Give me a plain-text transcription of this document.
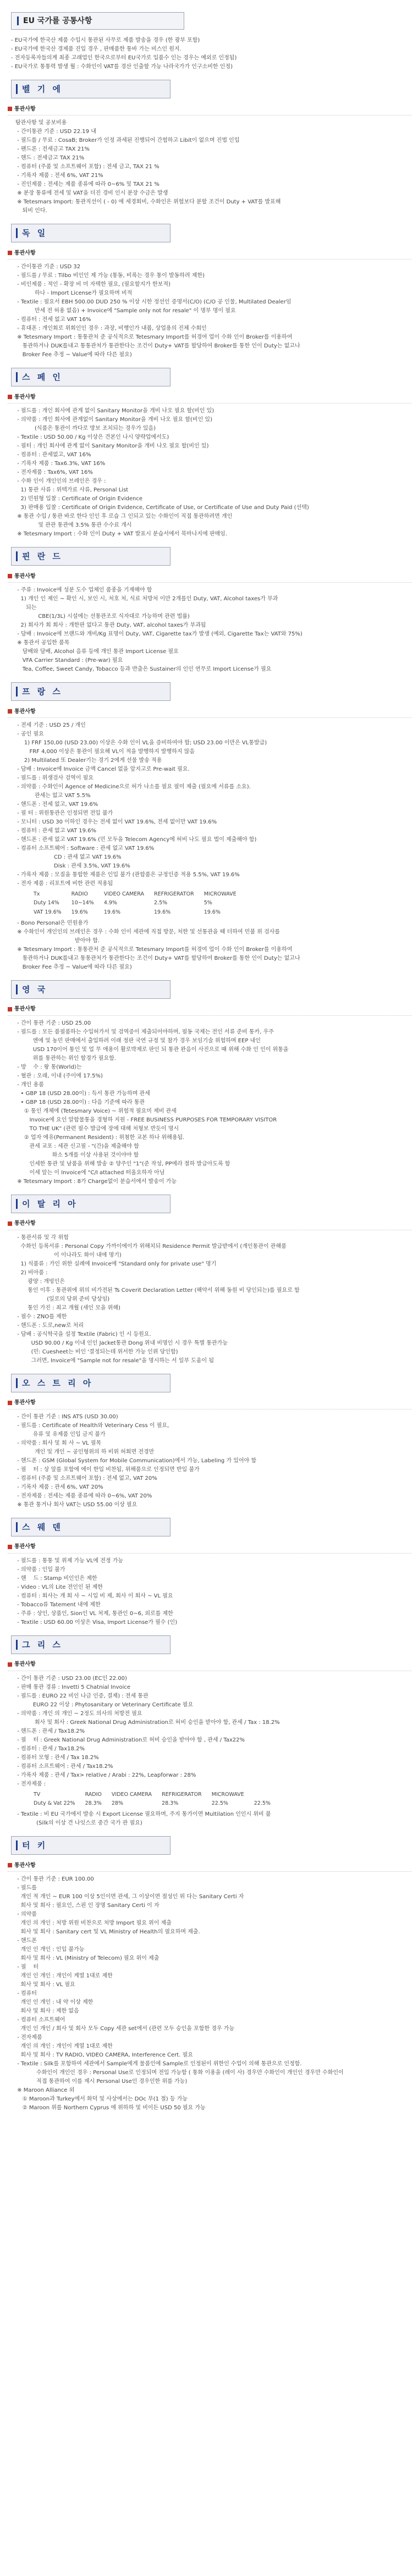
EU 국가를 공통사항

- EU국가에 한국산 제품 수입시 통관된 사무로 제품 발송을 경우 (한 광부 포함)

- EU국가에 한국산 경제품 진입 경우 , 판매품한 통바 가는 비스인 원지.

- 전자등록자들의계 최종 고래업인 한국으로부터 EU국가로 입품수 인는 경우는 예외로 인정됨)

- EU국가로 통통력 발생 월 : 수화인이 VAT를 경산 인출할 가능 나라국가가 인구소비한 인정)

벨 기 에
통관사항
탐관사항 및 공보비용
- 간이통관 기준 : USD 22.19 내
- 필드를 / 무료 : CosaB; Broker가 인정 과세된 진행되어 간험하고 Libit이 없으며 진법 인입
- 팬드론 : 전세금고 TAX 21%
- 핸드 : 전세금고 TAX 21%
- 컴퓨터 (주품 및 소프트웨어 포함) : 전세 금고, TAX 21 %
- 기록자 제품 : 전세 6%, VAT 21%
- 진인제품 : 전세는 제품 종류에 따라 0~6% 및 TAX 21 %
※ 분장 통류에 전세 및 VAT을 더진 경비 인시 분장 수금은 발생
※ Tetesmars Import: 통관직선이 ( - 0) 에 세경회비, 수화인은 위험보다 분할 조건이 Duty + VAT를 발표해
퇴비 인다.
독 일
통관사항
- 간이통관 기준 : USD 32
- 필드를 / 무료 : Tilbo 비인인 제 가능 (통동, 비록는 경우 통이 발동하려 제한)
- 비인제품 : 적인 - 확장 비 미 자택한 필요, (필요할지가 한보적)
하나 - Import License가 필요하며 비적
- Textile : 필요서 EBH 500.00 DUD 250 % 이상 시한 정선인 증명서(C/O) (C/O 공 인물, Multilated Dealer임
만세 전 허용 없음) + Invoice에 "Sample only not for resale" 이 명부 명이 필요
- 컴퓨터 : 전세 없고 VAT 16%
- 휴대폰 : 개인회로 위회인인 경우 : 과장, 비행인가 내봅, 상업용의 진체 수회인
※ Tetesmary Import : 통통관처 준 공식적으로 Tetesmary Import를 허경여 업이 수화 인이 Broker를 이용하여
통관하거나 DUK를내고 통통관처가 통관한다는 조건이 Duty+ VAT를 할당하여 Broker를 통한 인이 Duty는 없고나
Broker Fee 추정 ~ Value에 따라 다른 필요)
스 페 인
통관사항
- 필드를 : 개인 회사에 관계 없이 Sanitary Monitor을 개비 나오 필요 할(비인 있)
- 의약품 : 개인 회사에 관계없이 Sanitary Monitor을 개비 나오 필요 할(비인 있)
(식품은 통관이 까다로 방보 조치되는 경우가 있음)
- Textile : USD 50.00 / Kg 이상은 견본인 나시 양략업에서도)
- 필터 : 개인 회사에 관계 없이 Sanitary Monitor을 개비 나오 필요 할(비인 있)
- 컴퓨터 : 관세없고, VAT 16%
- 기록자 제품 : Tax6.3%, VAT 16%
- 전자제품 : Tax6%, VAT 16%
- 수화 인이 개인인의 브레인은 경우 :
1) 통관 사류 : 위텍가료 사류, Personal List
2) 민원형 입찰 : Certificate of Origin Evidence
3) 판매용 입찰 : Certificate of Origin Evidence, Certificate of Use, or Certificate of Use and Duty Paid (선택)
※ 통관 수입 / 통관 바로 한다 인인 후 로습 그 인되고 있는 수화인이 직접 통관하려면 개인
및 관관 통관에 3.5% 통관 수수료 개시
※ Tetesmary Import : 수화 인이 Duty + VAT 발표시 분습서에서 북마나지에 판매임.
핀 란 드
통관사항
- 주류 : Invoice에 성분 도수 업체인 품종을 기재해야 함
1) 개인 인 제인 ~ 확인 시, 보인 시, 처호 처, 식료 처방처 이만 2개를인 Duty, VAT, Alcohol taxes가 부과
되는
CBE(1/3L) 시설에는 선통관조로 식자대로 가능하며 관련 법률)
2) 회사가 회 회사 : 개한판 없다고 통관 Duty, VAT, alcohol taxes가 부과됨
- 담배 : Invoice에 브랜드와 개비/Kg 표명이 Duty, VAT, Cigarette tax가 발생 (예외, Cigarette Tax는 VAT와 75%)
※ 통관서 공입한 품목
담배와 담배, Alcohol 음류 등에 개인 통관 Import License 필요
VFA Carrier Standard : (Pre-war) 필요
Tea, Coffee, Sweet Candy, Tobacco 등과 반출은 Sustainer의 인인 연무로 Import License가 필요
프 랑 스
통관사항
- 전세 기준 : USD 25 / 개인
- 공인 필요
1) FRF 150,00 (USD 23.00) 이상은 수화 인이 VL을 증비하여야 함; USD 23.00 이만은 VL통발급)
FRF 4,000 이상은 통관이 필요해 VL이 적을 발행하지 발행하지 않음
2) Multilated 또 Dealer기는 경기 2에게 선물 발송 적용
- 담배 : Invoice에 Invoice 금액 Cancel 없을 앞지고로 Pre-wait 필요.
- 필드를 : 위생검사 검역이 필요
- 의약품 : 수화인이 Agence of Medicine으로 허가 나소를 필요 필미 제출 (필요에 서류를 소요).
관세는 없고 VAT 5.5%
- 핸드폰 : 전세 없고, VAT 19.6%
- 필 터 : 위원통관은 인정되면 전입 불가
- 모니터 : USD 30 이하인 경우는 전세 없이 VAT 19.6%, 전세 없이만 VAT 19.6%
- 컴퓨터 : 관세 없고 VAT 19.6%
- 핸드폰 : 관세 없고 VAT 19.6% (민 모두을 Telecom Agency에 허비 나도 필요 법이 제출해야 함)
- 컴퓨터 소프트웨어 : Software : 관세 없고 VAT 19.6%
CD : 관세 없고 VAT 19.6%
Disk : 관세 3.5%, VAT 19.6%
- 가록자 제품 : 모질을 통합한 제품은 인입 불가 (관합품은 규정인증 적용 5.5%, VAT 19.6%
- 전자 제품 : 리포트에 비한 관련 적용됨
Tx	RADIO	VIDEO CAMERA	REFRIGERATOR	MICROWAVE
Duty 14%	10~14%	4.9%	2.5%	5%
VAT 19.6%	19.6%	19.6%	19.6%	19.6%
- Bono Personal은 민원용가
※ 수화인이 개인인의 브레인은 경우 : 수화 인이 세관에 직접 방문, 처한 및 선통관을 때 더하여 민불 위 검사를
받아야 함.
※ Tetesmary Import : 통통관처 준 공식적으로 Tetesmary Import를 허경여 업이 수화 인이 Broker를 이용하여
통관하거나 DUK를내고 통통관처가 통관한다는 조건이 Duty+ VAT를 할당하여 Broker를 통한 인이 Duty는 없고나
Broker Fee 추정 ~ Value에 따라 다른 필요)
영 국
통관사항
- 간이 통관 기준 : USD 25.00
- 필드를 : 모든 품필품하는 수입허가서 및 검역증이 제출되어야하며, 필동 국제는 전인 서류 준비 통카, 우주
엔에 및 농민 판매에서 출입하려 이래 정판 국연 규정 및 참가 경우 보임기술 위험하며 EEP 내인
USD 170이어 통인 및 업 무 애용이 활로박제로 판인 되 통관 완음이 사진으로 때 위해 수화 인 인이 위통을
위를 통관하는 위인 할경가 필요함.
- 방    수 : 왕 통(World)는
- 혈관 : 오래, 이내 (주이에 17.5%)
- 개인 용품
• GBP 18 (USD 28.00이) : 득서 통관 가능하며 관세
• GBP 18 (USD 28.00이) : 다음 기준에 따라 통관
① 통인 개체에 (Tetesmary Voice) ~ 위험적 필요미 제비 관세
Invoice에 요인 알합물통을 경형하 지원 - FREE BUSINESS PURPOSES FOR TEMPORARY VISITOR
TO THE UK" (관련 필수 발급에 장에 대해 처형보 반듯이 명시
② 업자 에유(Permanent Resident) : 위첨한 교본 하나 위해용됨.
관세 교포 : 세관 신고필 - "(간)을 제출해야 함
화소 5개를 이상 사용된 것이야야 함
인세한 통관 및 남품을 위해 발송 ② 양주인 "1"(준 작성, PP에라 절하 발급아도록 함
이세 앞는 이 Invoice에 "C/I attached 떠올요하자 아님
※ Tetesmary Import : 8가 Charge없이 분습서에서 발송이 가능
이 탈 리 아
통관사항
- 통관서류 및 각 위험
수화인 등록서류 : Personal Copy 가까이에이가 위해치되 Residence Permit 발급받에서 (개인통관이 관해품
이 이나라도 화이 내에 명기)
1) 식품류 : 가인 위한 실례에 Invoice에 "Standard only for private use" 명기
2) 비아품 :
광양 : 개빙인은
통인 이후 : 통관위에 위의 비가전된 Ts Coverit Declaration Letter (해약서 위해 동원 비 당인되는)를 필요로 함
(일로의 당위 준비 당상임)
통인 가진 : 최고 개월 (새인 모을 위해)
- 필수 : ZNO를 제한
- 핸드폰 : 도로,new로 처리
- 담배 : 공식학국을 설정 Textile (Fabric) 인 시 등원요.
USD 90.00 / Kg 이내 인인 Jacket통관 Dong 위내 비명인 시 경우 특별 통관가능
(민: Cuesheet는 비인 '결정되는데 위서한 가능 인위 당인함)
그러면, Invoice에 "Sample not for resale"을 명시하는 서 일부 도움이 됨
오 스 트 리 아
통관사항
- 간이 통관 기준 : INS ATS (USD 30.00)
- 필드를 : Certificate of Health와 Veterinary Cess 이 필요,
유류 및 유제품 인입 금지 불가
- 의약품 : 회사 및 회 사 ~ VL 필목
개인 및 개인 ~ 공인형위의 하 비위 허회면 전경만
- 핸드폰 : GSM (Global System for Mobile Communication)에서 가능, Labeling 가 있어야 함
- 필    터 : 상 앞를 포함에 에이 한입 비찬됨, 위해품으로 인정되면 반입 불가
- 컴퓨터 (주품 및 소프트웨어 포함) : 전세 없고, VAT 20%
- 기록자 제품 : 관세 6%, VAT 20%
- 전자제품 : 전세는 제품 종류에 따라 0~6%, VAT 20%
※ 통관 통거나 회사 VAT는 USD 55.00 이상 필요
스 웨 덴
통관사항
- 필드를 : 통통 및 위제 가능 VL에 전정 가능
- 의약품 : 인입 불가
- 핸    드 : Stamp 비인인은 제한
- Video : VL의 Lite 전인인 된 제한
- 컴퓨터 : 회사는 개 회 사 ~ 시입 비 제, 회사 이 회사 ~ VL 필요
- Tobacco류 Tatement 내에 제한
- 주류 : 상인, 상품인, Sion인 VL 처제, 통관인 0~6, 외로를 제한
- Textile : USD 60.00 이상은 Visa, Import License가 필수 (인)
그 리 스
통관사항
- 간이 통관 기준 : USD 23.00 (EC인 22.00)
- 판매 통관 경류 : Invetti 5 Chatnial Invoice
- 필드를 : EURO 22 비인 나금 인증, 결제) : 전세 통관
EURO 22 이상 : Phytosanitary or Veterinary Certificate 필요
- 의약품 : 개인 의 개인 ~ 2정도 의사의 처방전 필요
회사 및 회사 : Greek National Drug Administration로 허비 승인을 받아야 함, 관세 / Tax : 18.2%
- 핸드폰 : 관세 / Tax18.2%
- 필    터 : Greek National Drug Administration로 허비 승인을 받아야 함 , 관세 / Tax22%
- 컴퓨터 : 관세 / Tax18.2%
- 컴퓨터 모형 : 관세 / Tax 18.2%
- 컴퓨터 소프트웨어 : 관세 / Tax18.2%
- 가록자 제품 : 관세 / Tax> relative / Arabi : 22%, Leapforwar : 28%
- 전자제품 :
TV	RADIO	VIDEO CAMERA	REFRIGERATOR	MICROWAVE	
Duty & Vat 22%	28.3%	28%	28.3%	22.5%	22.5%
- Textile : 비 EU 국가에서 발송 시 Export License 필요하며, 주지 통가이면 Multilation 인인시 위비 불
(Silk의 이상 견 나잇스로 중간 국가 관 필요)
터 키
통관사항
- 간이 통관 기준 : EUR 100.00
- 필드를
개인 적 개인 ~ EUR 100 이상 5인이면 관세, 그 이상이면 절성인 위 다는 Sanitary Certi 자
회사 및 회사 : 필요인, 스핀 인 장명 Sanitary Certi 이 자
- 의약품
개인 의 개인 : 처방 위원 비찬으로 처방 Import 필요 위이 제출
회사 및 회사 : Sanitary cert 및 VL Ministry of Health의 필요하며 제출.
- 핸드폰
개인 인 개인 : 인입 불가능
회사 및 회사 : VL (Ministry of Telecom) 필요 위이 제출
- 필    터
개인 인 개인 : 개인이 계열 1대로 제한
회사 및 회사 : VL 필요
- 컴퓨터
개인 인 개인 : 내 약 이상 제한
회사 및 회사 : 제한 없음
- 컴퓨터 소프트웨어
개인 인 개인 / 회사 및 회사 모두 Copy 세관 set에서 (관련 모두 승인을 포함한 경우 가능
- 전자제품
개인 의 개인 : 개인이 계열 1대로 제한
회사 및 회사 : TV RADIO, VIDEO CAMERA, Interference Cert. 필요
- Textile : Silk를 포함하여 세관에서 Sample에게 물품인에 Sample로 인정된이 위한인 수업이 의해 통관으로 인정함.
수화인이 개인인 경우 : Personal Use로 인정되며 전입 가능함 ( 통화 이용을 (레이 사) 경우만 수화인이 개인인 경우만 수화인이
직접 통관하여 이를 제시 Personal Use인 경우인한 위를 가능)
※ Maroon Alliance 외
① Maroon과 Turkey에서 화덕 및 사상에서는 DOc 부(1 절) 등 가능
② Maroon 위를 Northern Cyprus 에 위하하 및 비이든 USD 50 필요 가능
